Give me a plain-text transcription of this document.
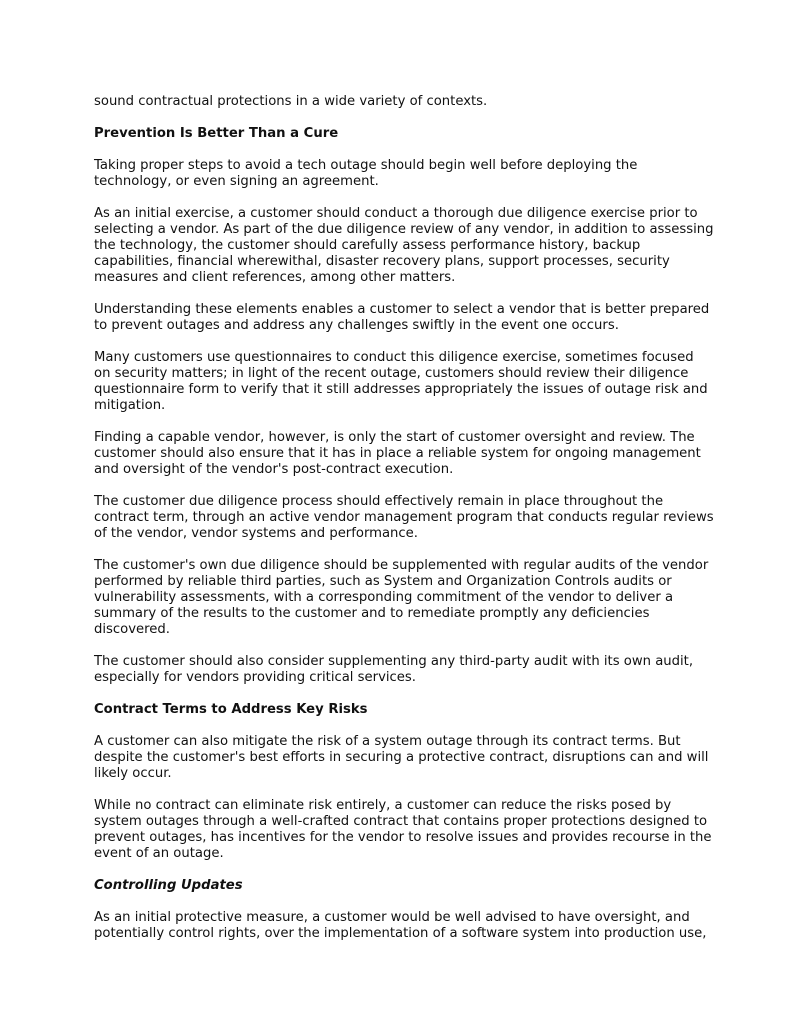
sound contractual protections in a wide variety of contexts.

Prevention Is Better Than a Cure

Taking proper steps to avoid a tech outage should begin well before deploying the technology, or even signing an agreement.

As an initial exercise, a customer should conduct a thorough due diligence exercise prior to selecting a vendor. As part of the due diligence review of any vendor, in addition to assessing the technology, the customer should carefully assess performance history, backup capabilities, financial wherewithal, disaster recovery plans, support processes, security measures and client references, among other matters.

Understanding these elements enables a customer to select a vendor that is better prepared to prevent outages and address any challenges swiftly in the event one occurs.

Many customers use questionnaires to conduct this diligence exercise, sometimes focused on security matters; in light of the recent outage, customers should review their diligence questionnaire form to verify that it still addresses appropriately the issues of outage risk and mitigation.

Finding a capable vendor, however, is only the start of customer oversight and review. The customer should also ensure that it has in place a reliable system for ongoing management and oversight of the vendor's post-contract execution.

The customer due diligence process should effectively remain in place throughout the contract term, through an active vendor management program that conducts regular reviews of the vendor, vendor systems and performance.

The customer's own due diligence should be supplemented with regular audits of the vendor performed by reliable third parties, such as System and Organization Controls audits or vulnerability assessments, with a corresponding commitment of the vendor to deliver a summary of the results to the customer and to remediate promptly any deficiencies discovered.

The customer should also consider supplementing any third-party audit with its own audit, especially for vendors providing critical services.

Contract Terms to Address Key Risks

A customer can also mitigate the risk of a system outage through its contract terms. But despite the customer's best efforts in securing a protective contract, disruptions can and will likely occur.

While no contract can eliminate risk entirely, a customer can reduce the risks posed by system outages through a well-crafted contract that contains proper protections designed to prevent outages, has incentives for the vendor to resolve issues and provides recourse in the event of an outage.

Controlling Updates

As an initial protective measure, a customer would be well advised to have oversight, and potentially control rights, over the implementation of a software system into production use,
